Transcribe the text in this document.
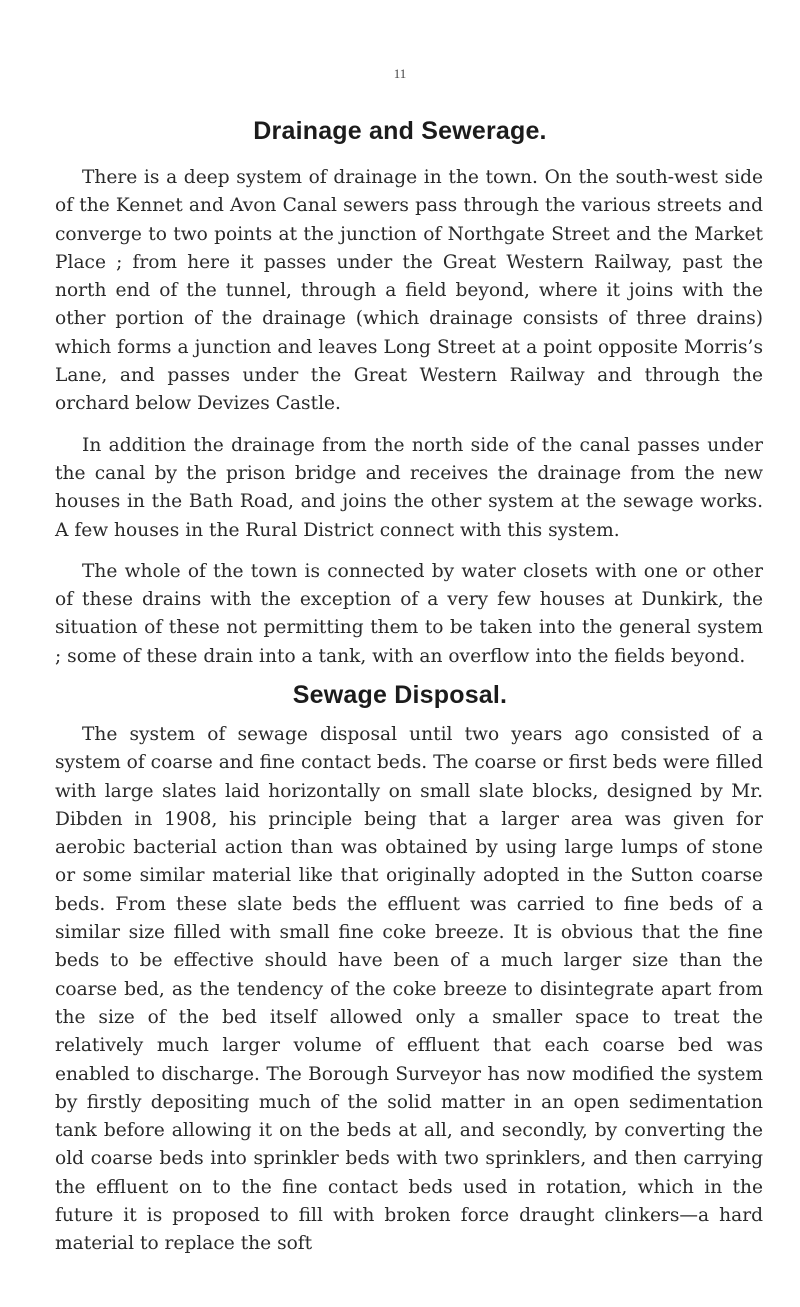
11
Drainage and Sewerage.

There is a deep system of drainage in the town. On the south-west side of the Kennet and Avon Canal sewers pass through the various streets and converge to two points at the junction of Northgate Street and the Market Place ; from here it passes under the Great Western Railway, past the north end of the tunnel, through a field beyond, where it joins with the other portion of the drainage (which drainage consists of three drains) which forms a junction and leaves Long Street at a point opposite Morris’s Lane, and passes under the Great Western Railway and through the orchard below Devizes Castle.

In addition the drainage from the north side of the canal passes under the canal by the prison bridge and receives the drainage from the new houses in the Bath Road, and joins the other system at the sewage works. A few houses in the Rural District connect with this system.

The whole of the town is connected by water closets with one or other of these drains with the exception of a very few houses at Dunkirk, the situation of these not permitting them to be taken into the general system ; some of these drain into a tank, with an overflow into the fields beyond.

Sewage Disposal.

The system of sewage disposal until two years ago consisted of a system of coarse and fine contact beds. The coarse or first beds were filled with large slates laid horizontally on small slate blocks, designed by Mr. Dibden in 1908, his principle being that a larger area was given for aerobic bacterial action than was obtained by using large lumps of stone or some similar material like that originally adopted in the Sutton coarse beds. From these slate beds the effluent was carried to fine beds of a similar size filled with small fine coke breeze. It is obvious that the fine beds to be effective should have been of a much larger size than the coarse bed, as the tendency of the coke breeze to disintegrate apart from the size of the bed itself allowed only a smaller space to treat the relatively much larger volume of effluent that each coarse bed was enabled to discharge. The Borough Surveyor has now modified the system by firstly depositing much of the solid matter in an open sedimentation tank before allowing it on the beds at all, and secondly, by converting the old coarse beds into sprinkler beds with two sprinklers, and then carrying the effluent on to the fine contact beds used in rotation, which in the future it is proposed to fill with broken force draught clinkers—a hard material to replace the soft
